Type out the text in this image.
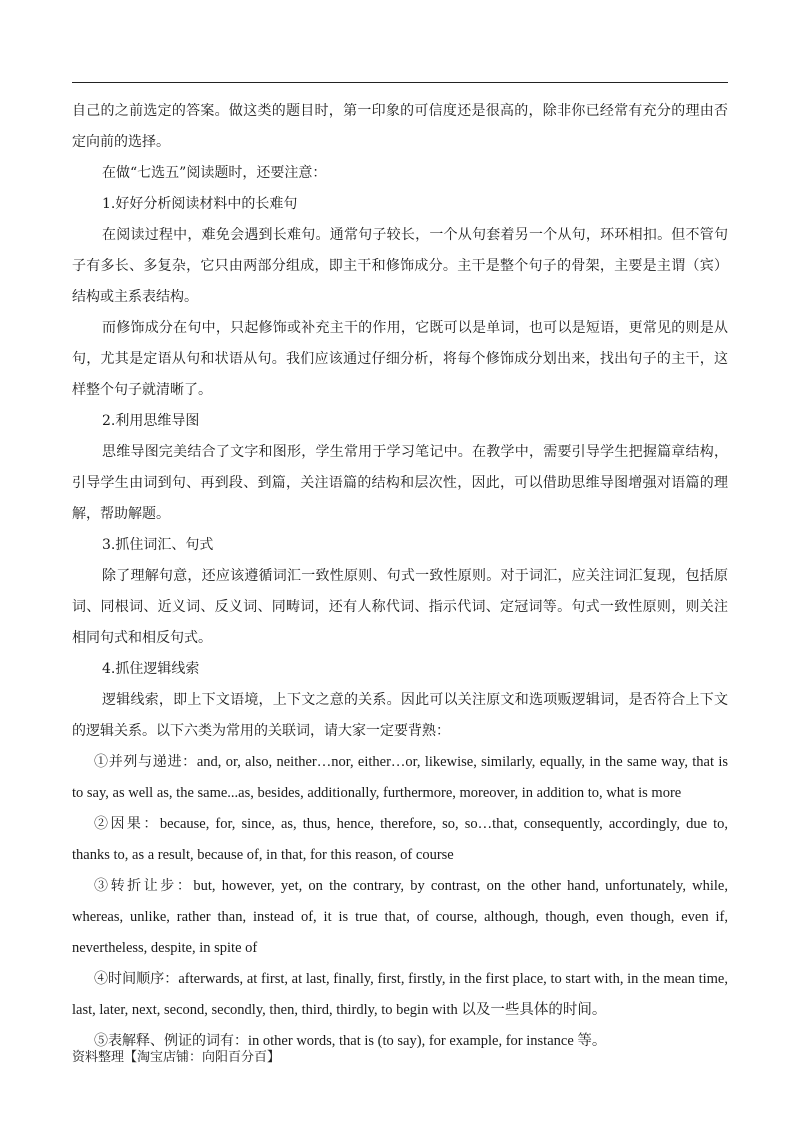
自己的之前选定的答案。做这类的题目时，第一印象的可信度还是很高的，除非你已经常有充分的理由否定向前的选择。

在做“七选五”阅读题时，还要注意：

1.好好分析阅读材料中的长难句

在阅读过程中，难免会遇到长难句。通常句子较长，一个从句套着另一个从句，环环相扣。但不管句子有多长、多复杂，它只由两部分组成，即主干和修饰成分。主干是整个句子的骨架，主要是主谓（宾）结构或主系表结构。

而修饰成分在句中，只起修饰或补充主干的作用，它既可以是单词，也可以是短语，更常见的则是从句，尤其是定语从句和状语从句。我们应该通过仔细分析，将每个修饰成分划出来，找出句子的主干，这样整个句子就清晰了。

2.利用思维导图

思维导图完美结合了文字和图形，学生常用于学习笔记中。在教学中，需要引导学生把握篇章结构，引导学生由词到句、再到段、到篇，关注语篇的结构和层次性，因此，可以借助思维导图增强对语篇的理解，帮助解题。

3.抓住词汇、句式

除了理解句意，还应该遵循词汇一致性原则、句式一致性原则。对于词汇，应关注词汇复现，包括原词、同根词、近义词、反义词、同畴词，还有人称代词、指示代词、定冠词等。句式一致性原则，则关注相同句式和相反句式。

4.抓住逻辑线索

逻辑线索，即上下文语境，上下文之意的关系。因此可以关注原文和选项贩逻辑词，是否符合上下文的逻辑关系。以下六类为常用的关联词，请大家一定要背熟：

①并列与递进：and, or, also, neither…nor, either…or, likewise, similarly, equally, in the same way, that is to say, as well as, the same...as, besides, additionally, furthermore, moreover, in addition to, what is more

②因果：because, for, since, as, thus, hence, therefore, so, so…that, consequently, accordingly, due to, thanks to, as a result, because of, in that, for this reason, of course

③转折让步：but, however, yet, on the contrary, by contrast, on the other hand, unfortunately, while, whereas, unlike, rather than, instead of, it is true that, of course, although, though, even though, even if, nevertheless, despite, in spite of

④时间顺序：afterwards, at first, at last, finally, first, firstly, in the first place, to start with, in the mean time, last, later, next, second, secondly, then, third, thirdly, to begin with 以及一些具体的时间。

⑤表解释、例证的词有：in other words, that is (to say), for example, for instance 等。

资料整理【淘宝店铺：向阳百分百】
